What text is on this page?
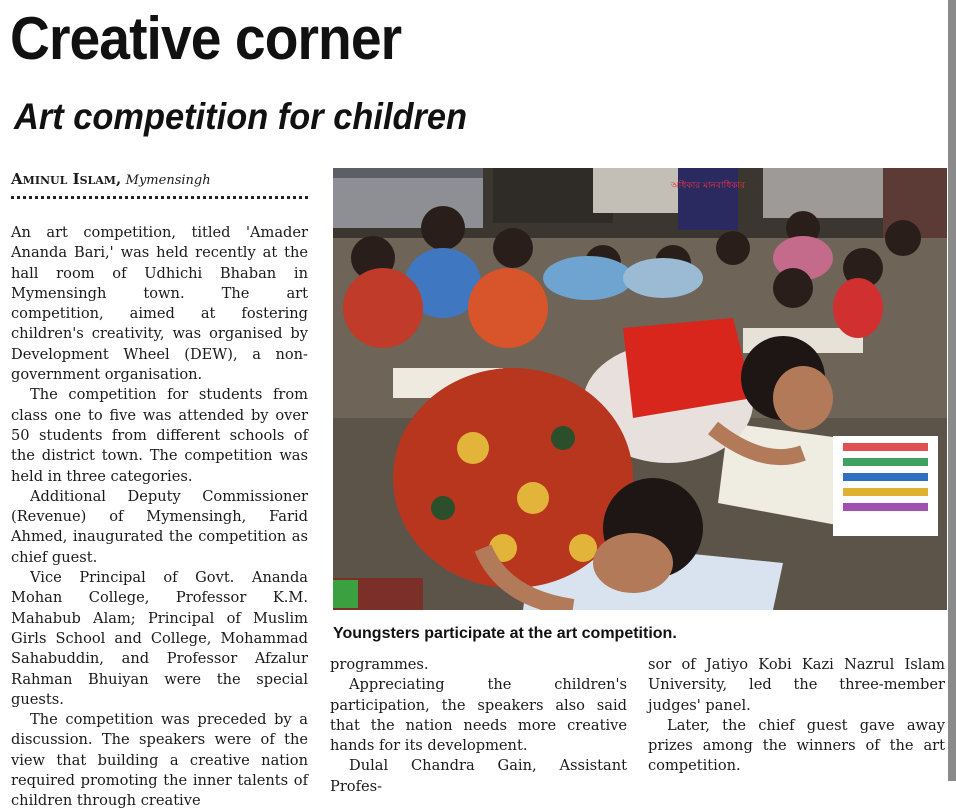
Creative corner
Art competition for children
Aminul Islam, Mymensingh

An art competition, titled 'Amader Ananda Bari,' was held recently at the hall room of Udhichi Bhaban in Mymensingh town. The art competition, aimed at fostering children's creativity, was organised by Development Wheel (DEW), a non-government organisation.

The competition for students from class one to five was attended by over 50 students from different schools of the district town. The competition was held in three categories.

Additional Deputy Commissioner (Revenue) of Mymensingh, Farid Ahmed, inaugurated the competition as chief guest.

Vice Principal of Govt. Ananda Mohan College, Professor K.M. Mahabub Alam; Principal of Muslim Girls School and College, Mohammad Sahabuddin, and Professor Afzalur Rahman Bhuiyan were the special guests.

The competition was preceded by a discussion. The speakers were of the view that building a creative nation required promoting the inner talents of children through creative

অধিকার মানবাধিকার
Youngsters participate at the art competition.

programmes.

Appreciating the children's participation, the speakers also said that the nation needs more creative hands for its development.

Dulal Chandra Gain, Assistant Profes-

sor of Jatiyo Kobi Kazi Nazrul Islam University, led the three-member judges' panel.

Later, the chief guest gave away prizes among the winners of the art competition.
